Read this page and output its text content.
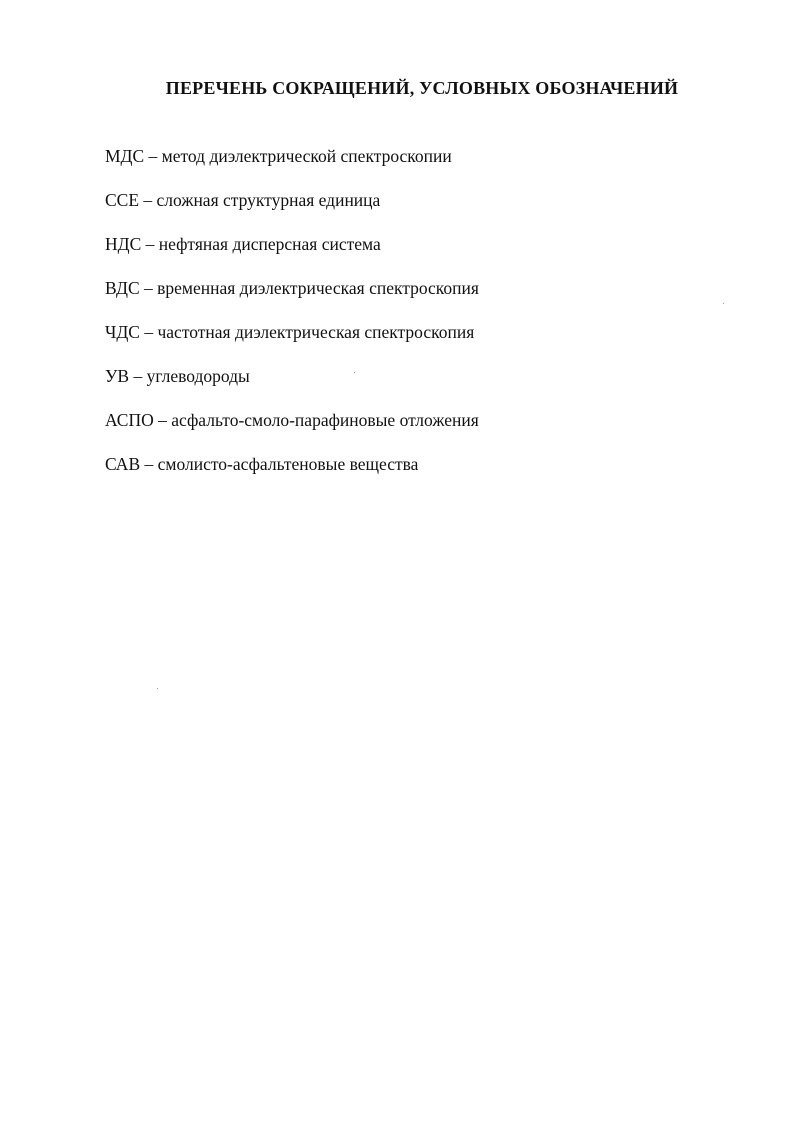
ПЕРЕЧЕНЬ СОКРАЩЕНИЙ, УСЛОВНЫХ ОБОЗНАЧЕНИЙ
МДС – метод диэлектрической спектроскопии
ССЕ – сложная структурная единица
НДС – нефтяная дисперсная система
ВДС – временная диэлектрическая спектроскопия
ЧДС – частотная диэлектрическая спектроскопия
УВ – углеводороды
АСПО – асфальто-смоло-парафиновые отложения
САВ – смолисто-асфальтеновые вещества
